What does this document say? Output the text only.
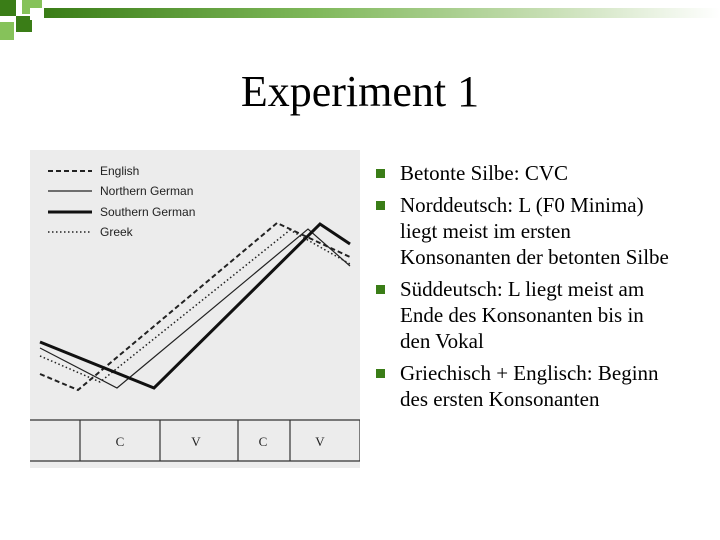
Experiment 1
English
Northern German
Southern German
Greek
C	V	C	V
Betonte Silbe: CVC
Norddeutsch: L (F0 Minima) liegt meist im ersten Konsonanten der betonten Silbe
Süddeutsch: L liegt meist am Ende des Konsonanten bis in den Vokal
Griechisch + Englisch: Beginn des ersten Konsonanten
